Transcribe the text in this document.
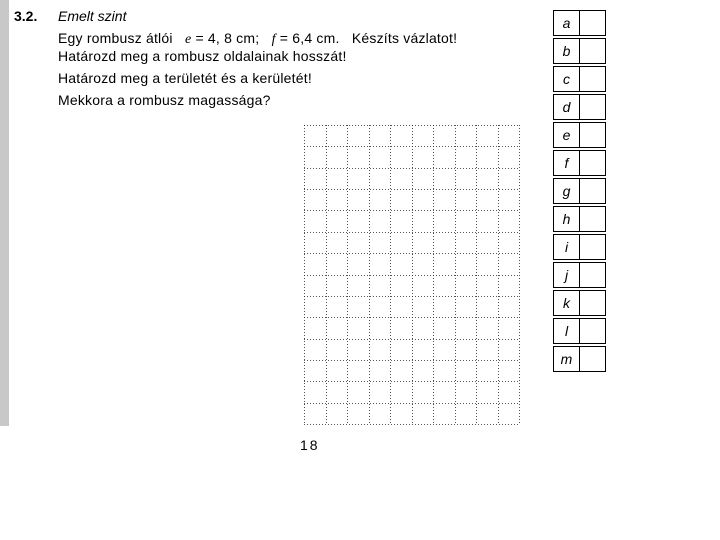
3.2. Emelt szint
Egy rombusz átlói e = 4, 8 cm; f = 6,4 cm. Készíts vázlatot!
Határozd meg a rombusz oldalainak hosszát!
Határozd meg a területét és a kerületét!
Mekkora a rombusz magassága?
18
a
b
c
d
e
f
g
h
i
j
k
l
m
